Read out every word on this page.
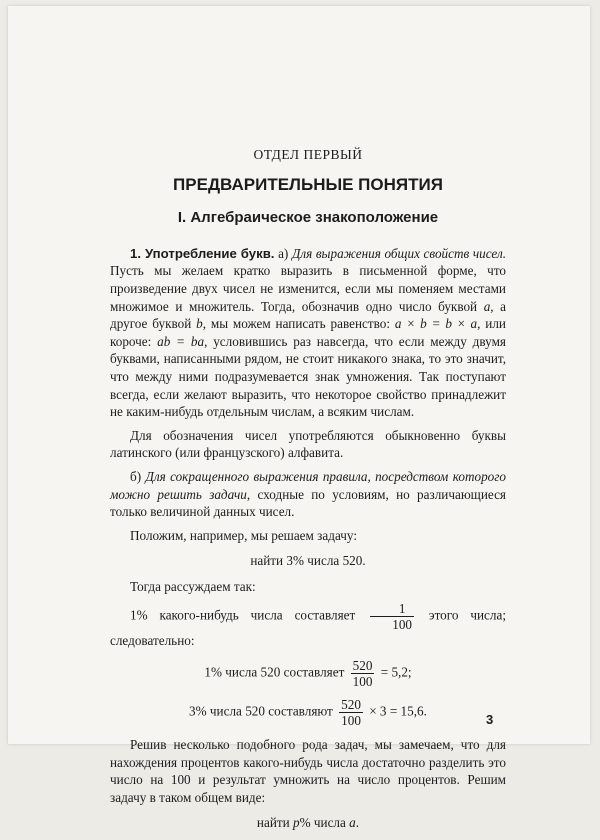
ОТДЕЛ ПЕРВЫЙ
ПРЕДВАРИТЕЛЬНЫЕ ПОНЯТИЯ
I. Алгебраическое знакоположение

1. Употребление букв. а) Для выражения общих свойств чисел. Пусть мы желаем кратко выразить в письменной форме, что произведение двух чисел не изменится, если мы поменяем местами множимое и множитель. Тогда, обозначив одно число буквой a, а другое буквой b, мы можем написать равенство: a × b = b × a, или короче: ab = ba, условившись раз навсегда, что если между двумя буквами, написанными рядом, не стоит никакого знака, то это значит, что между ними подразумевается знак умножения. Так поступают всегда, если желают выразить, что некоторое свойство принадлежит не каким-нибудь отдельным числам, а всяким числам.

Для обозначения чисел употребляются обыкновенно буквы латинского (или французского) алфавита.

б) Для сокращенного выражения правила, посредством которого можно решить задачи, сходные по условиям, но различающиеся только величиной данных чисел.

Положим, например, мы решаем задачу:

найти 3% числа 520.

Тогда рассуждаем так:

1% какого-нибудь числа составляет $\frac{1}{100}$ этого числа; следовательно:
1% числа 520 составляет $\frac{520}{100} = 5,2$;
3% числа 520 составляют $\frac{520}{100} \times 3 = 15,6$.

Решив несколько подобного рода задач, мы замечаем, что для нахождения процентов какого-нибудь числа достаточно разделить это число на 100 и результат умножить на число процентов. Решим задачу в таком общем виде:

найти p% числа a.
3
